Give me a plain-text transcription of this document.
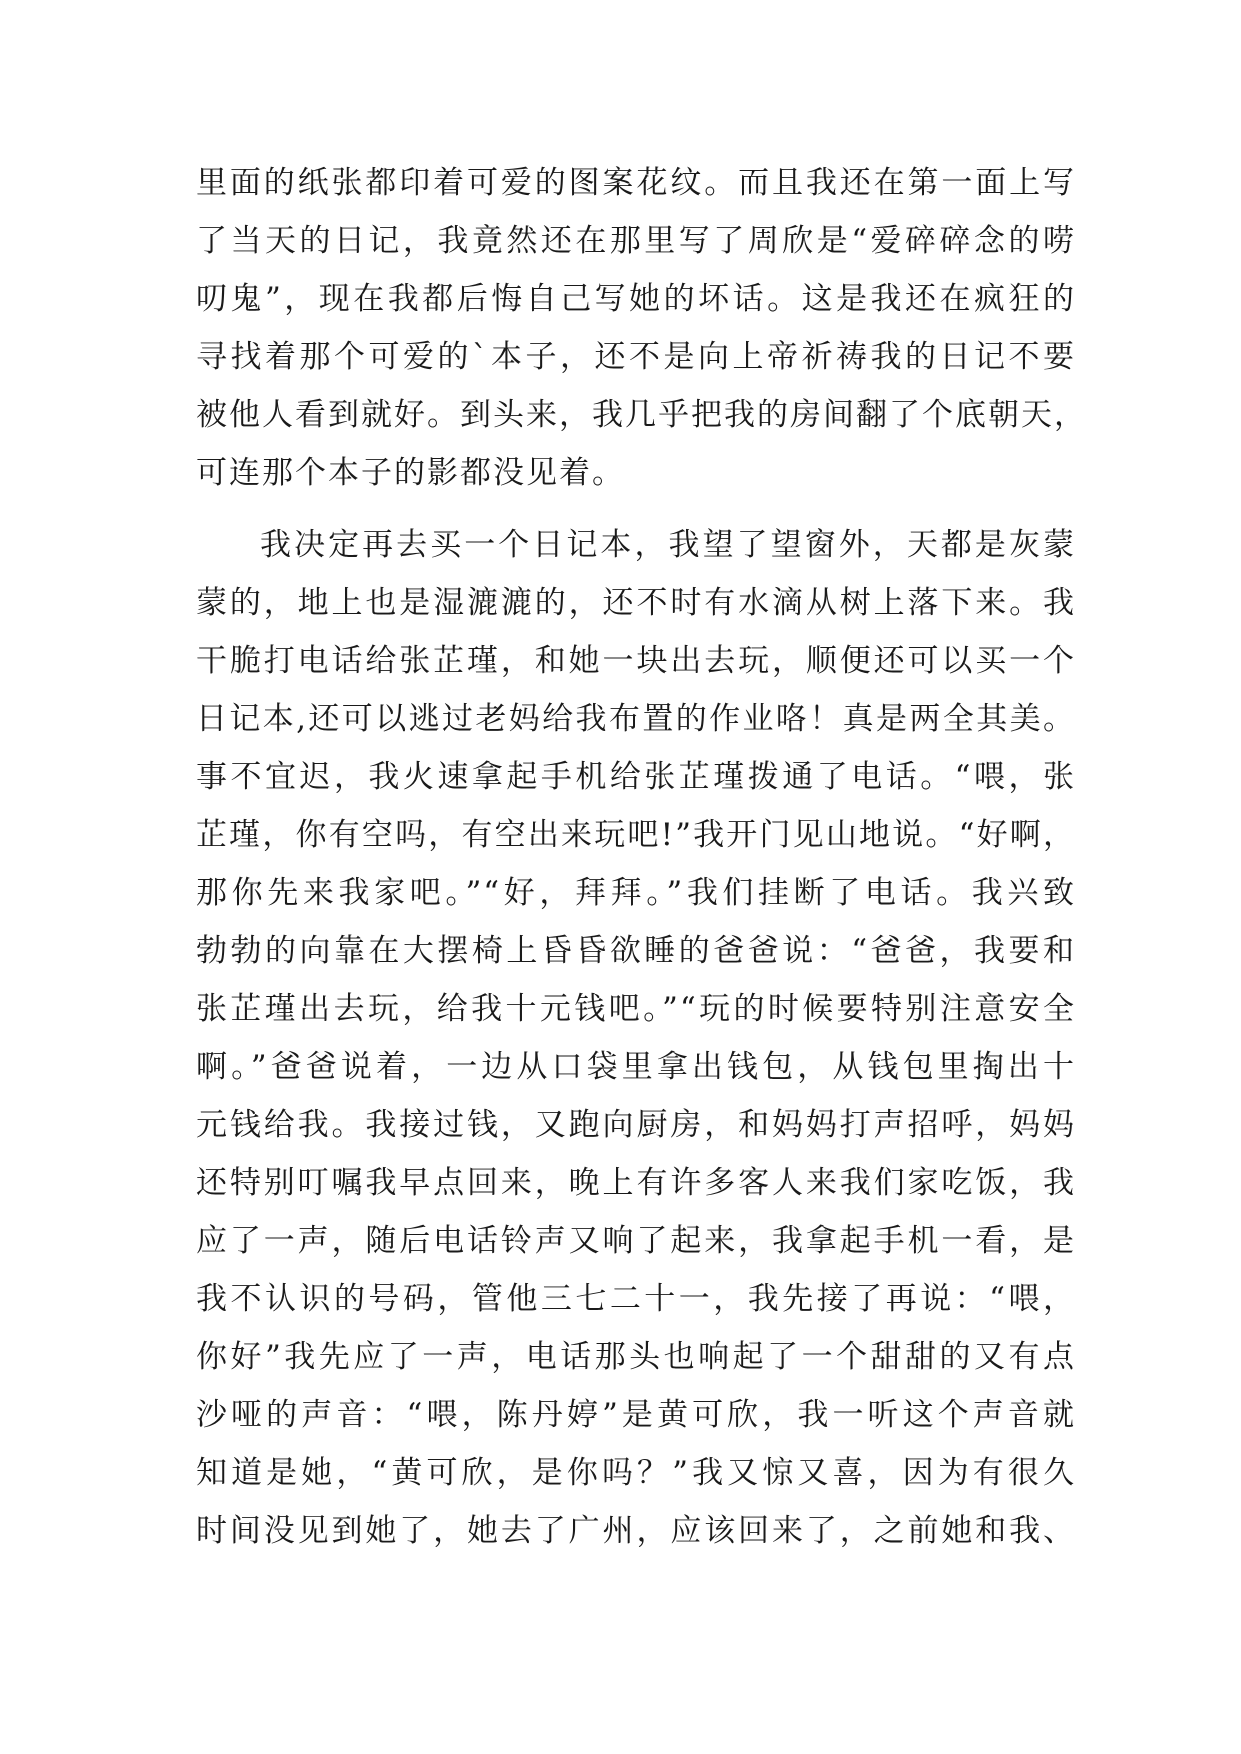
里面的纸张都印着可爱的图案花纹。而且我还在第一面上写
了当天的日记，我竟然还在那里写了周欣是“爱碎碎念的唠
叨鬼”，现在我都后悔自己写她的坏话。这是我还在疯狂的
寻找着那个可爱的`本子，还不是向上帝祈祷我的日记不要
被他人看到就好。到头来，我几乎把我的房间翻了个底朝天，
可连那个本子的影都没见着。
我决定再去买一个日记本，我望了望窗外，天都是灰蒙
蒙的，地上也是湿漉漉的，还不时有水滴从树上落下来。我
干脆打电话给张芷瑾，和她一块出去玩，顺便还可以买一个
日记本,还可以逃过老妈给我布置的作业咯！真是两全其美。
事不宜迟，我火速拿起手机给张芷瑾拨通了电话。“喂，张
芷瑾，你有空吗，有空出来玩吧!”我开门见山地说。“好啊，
那你先来我家吧。”“好，拜拜。”我们挂断了电话。我兴致
勃勃的向靠在大摆椅上昏昏欲睡的爸爸说：“爸爸，我要和
张芷瑾出去玩，给我十元钱吧。”“玩的时候要特别注意安全
啊。”爸爸说着，一边从口袋里拿出钱包，从钱包里掏出十
元钱给我。我接过钱，又跑向厨房，和妈妈打声招呼，妈妈
还特别叮嘱我早点回来，晚上有许多客人来我们家吃饭，我
应了一声，随后电话铃声又响了起来，我拿起手机一看，是
我不认识的号码，管他三七二十一，我先接了再说：“喂，
你好”我先应了一声，电话那头也响起了一个甜甜的又有点
沙哑的声音：“喂，陈丹婷”是黄可欣，我一听这个声音就
知道是她，“黄可欣，是你吗？”我又惊又喜，因为有很久
时间没见到她了，她去了广州，应该回来了，之前她和我、
